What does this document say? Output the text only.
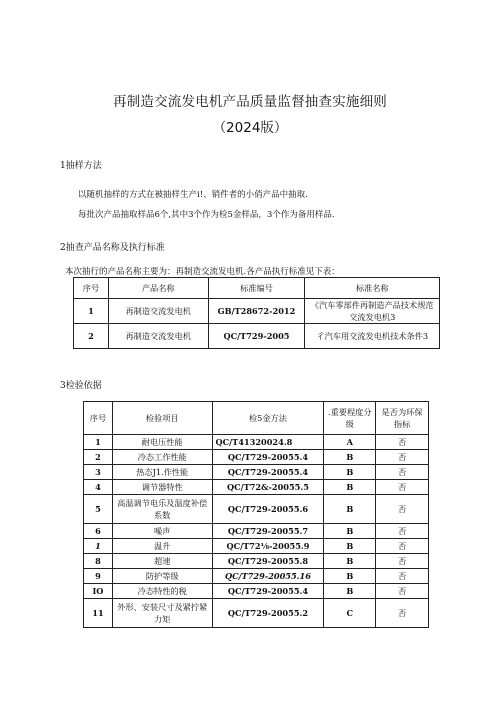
再制造交流发电机产品质量监督抽查实施细则
（2024版）
1抽样方法
以随机抽样的方式在被抽样生产i!、销件者的小俏产品中抽取.
每批次产品抽取样品6个,其中3个作为检5金样品，3个作为备用样品.
2抽查产品名称及执行标准
本次抽行的产品名称主要为：再制造交流发电机.各产品执行标准见下表：
序号	产品名称	标准编号	标准名称
1	再制造交流发电机	GB/T28672-2012	《汽车零部件再制造产品技术规范交流发电机3
2	再制造交流发电机	QC/T729-2005	彳汽车用交流发电机技术条件3
3检验依据
序号	检验项目	检5金方法	.重要程度分级	是否为环保指标
1	耐电压性能	QC/T41320024.8	A	否
2	冷态工作性能	QC/T729-20055.4	B	否
3	热态J1.作性能	QC/T729-20055.4	B	否
4	调节器特性	QC/T72&-20055.5	B	否
5	高温调节电乐及温度补偿系数	QC/T729-20055.6	B	否
6	噪声	QC/T729-20055.7	B	否
1	温升	QC/T72⅛-20055.9	B	否
8	超速	QC/T729-20055.8	B	否
9	防护等级	QC/T729-20055.16	B	否
IO	冷态特性的税	QC/T729-20055.4	B	否
11	外形、安装尺寸及紧拧紧力矩	QC/T729-20055.2	C	否
